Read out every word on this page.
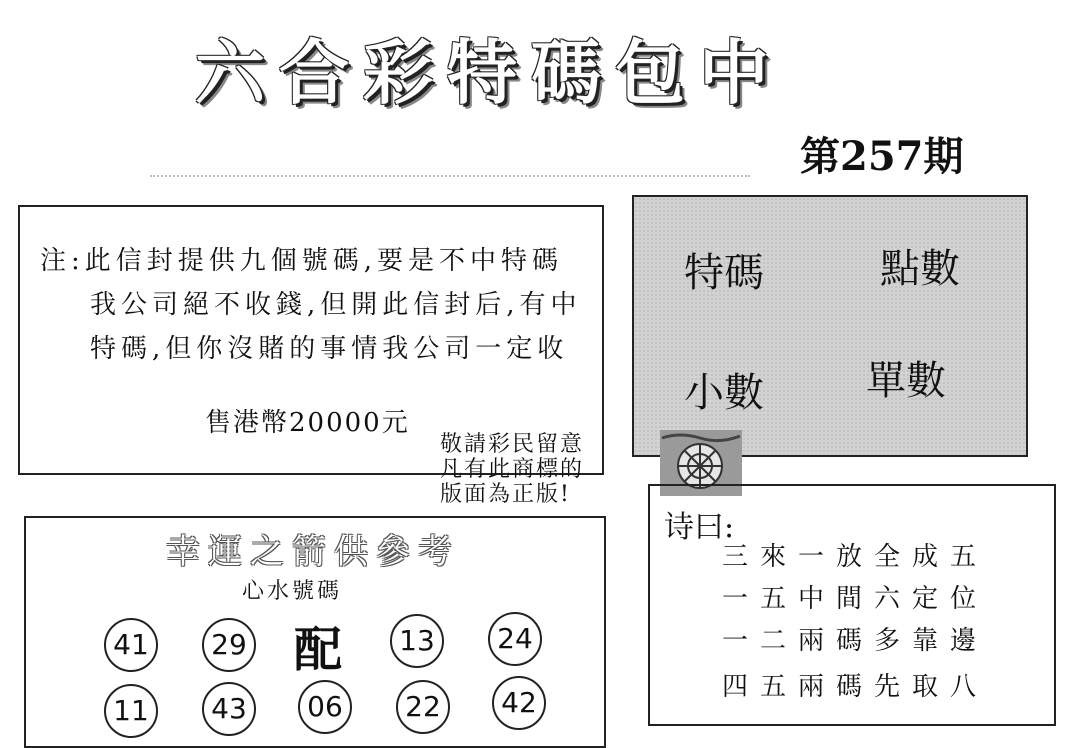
六合彩特碼包中
第257期
注:此信封提供九個號碼,要是不中特碼
我公司絕不收錢,但開此信封后,有中
特碼,但你沒賭的事情我公司一定收
售港幣20000元
特碼	點數
小數	單數
敬請彩民留意
凡有此商標的
版面為正版!
诗曰:
三來一放全成五
一五中間六定位
一二兩碼多靠邊
四五兩碼先取八
幸運之箭供參考
心水號碼
41	29 配	13	24
11	43	06	22	42
